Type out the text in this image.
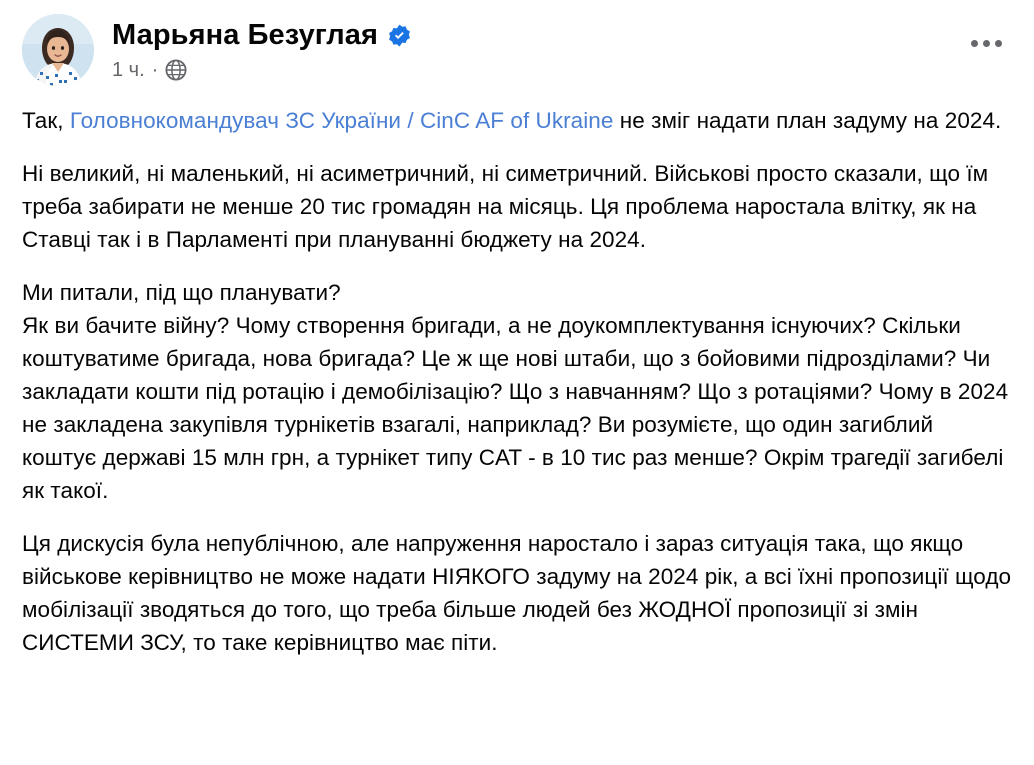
Марьяна Безуглая
1 ч. ·

Так, Головнокомандувач ЗС України / CinC AF of Ukraine не зміг надати план задуму на 2024.

Ні великий, ні маленький, ні асиметричний, ні симетричний. Військові просто сказали, що їм треба забирати не менше 20 тис громадян на місяць. Ця проблема наростала влітку, як на Ставці так і в Парламенті при плануванні бюджету на 2024.

Ми питали, під що планувати?

Як ви бачите війну? Чому створення бригади, а не доукомплектування існуючих? Скільки коштуватиме бригада, нова бригада? Це ж ще нові штаби, що з бойовими підрозділами? Чи закладати кошти під ротацію і демобілізацію? Що з навчанням? Що з ротаціями? Чому в 2024 не закладена закупівля турнікетів взагалі, наприклад? Ви розумієте, що один загиблий коштує державі 15 млн грн, а турнікет типу CAT - в 10 тис раз менше? Окрім трагедії загибелі як такої.

Ця дискусія була непублічною, але напруження наростало і зараз ситуація така, що якщо військове керівництво не може надати НІЯКОГО задуму на 2024 рік, а всі їхні пропозиції щодо мобілізації зводяться до того, що треба більше людей без ЖОДНОЇ пропозиції зі змін СИСТЕМИ ЗСУ, то таке керівництво має піти.
